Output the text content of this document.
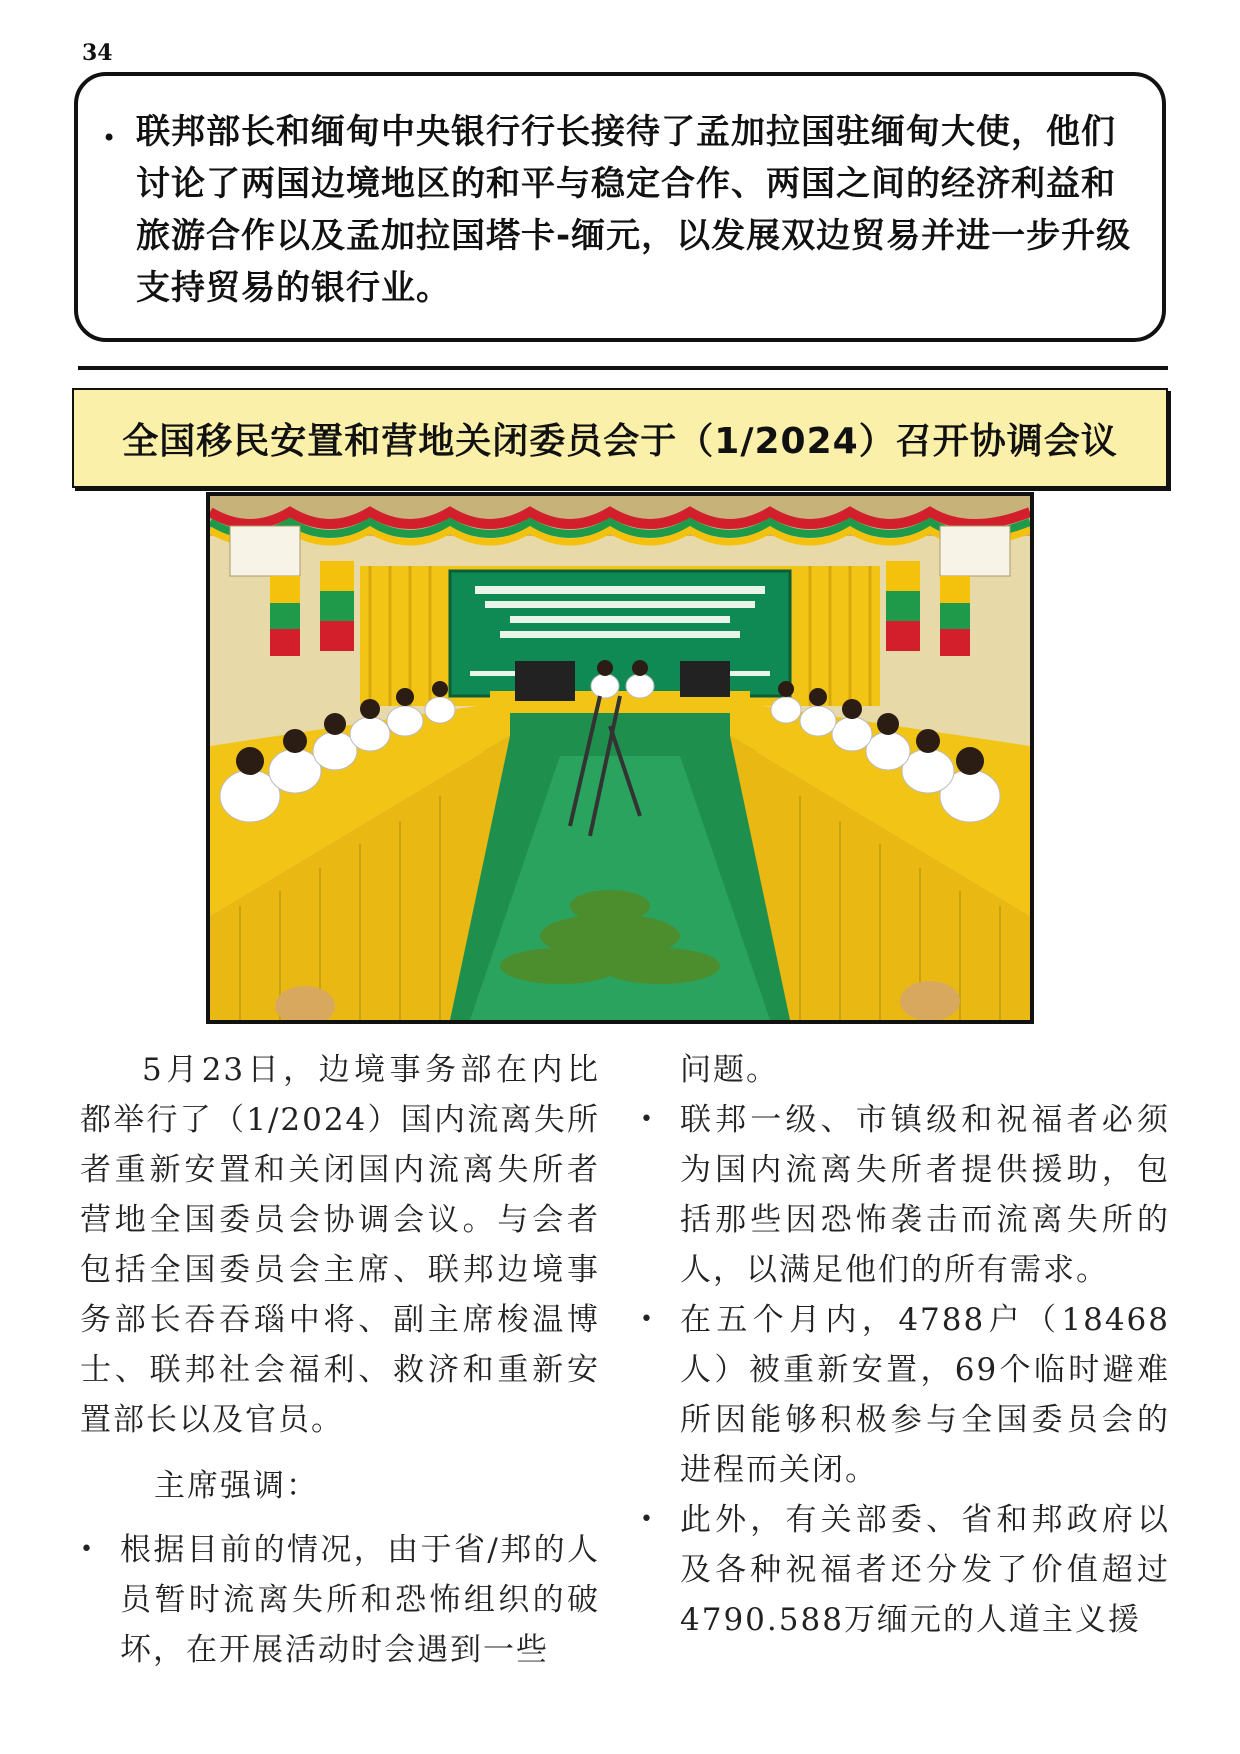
34
• 联邦部长和缅甸中央银行行长接待了孟加拉国驻缅甸大使，他们讨论了两国边境地区的和平与稳定合作、两国之间的经济利益和旅游合作以及孟加拉国塔卡-缅元，以发展双边贸易并进一步升级支持贸易的银行业。

全国移民安置和营地关闭委员会于（1/2024）召开协调会议

5月23日，边境事务部在内比都举行了（1/2024）国内流离失所者重新安置和关闭国内流离失所者营地全国委员会协调会议。与会者包括全国委员会主席、联邦边境事务部长吞吞瑙中将、副主席梭温博士、联邦社会福利、救济和重新安置部长以及官员。

主席强调：

• 根据目前的情况，由于省/邦的人员暂时流离失所和恐怖组织的破坏，在开展活动时会遇到一些

问题。

• 联邦一级、市镇级和祝福者必须为国内流离失所者提供援助，包括那些因恐怖袭击而流离失所的人，以满足他们的所有需求。

• 在五个月内，4788户（18468人）被重新安置，69个临时避难所因能够积极参与全国委员会的进程而关闭。

• 此外，有关部委、省和邦政府以及各种祝福者还分发了价值超过4790.588万缅元的人道主义援
